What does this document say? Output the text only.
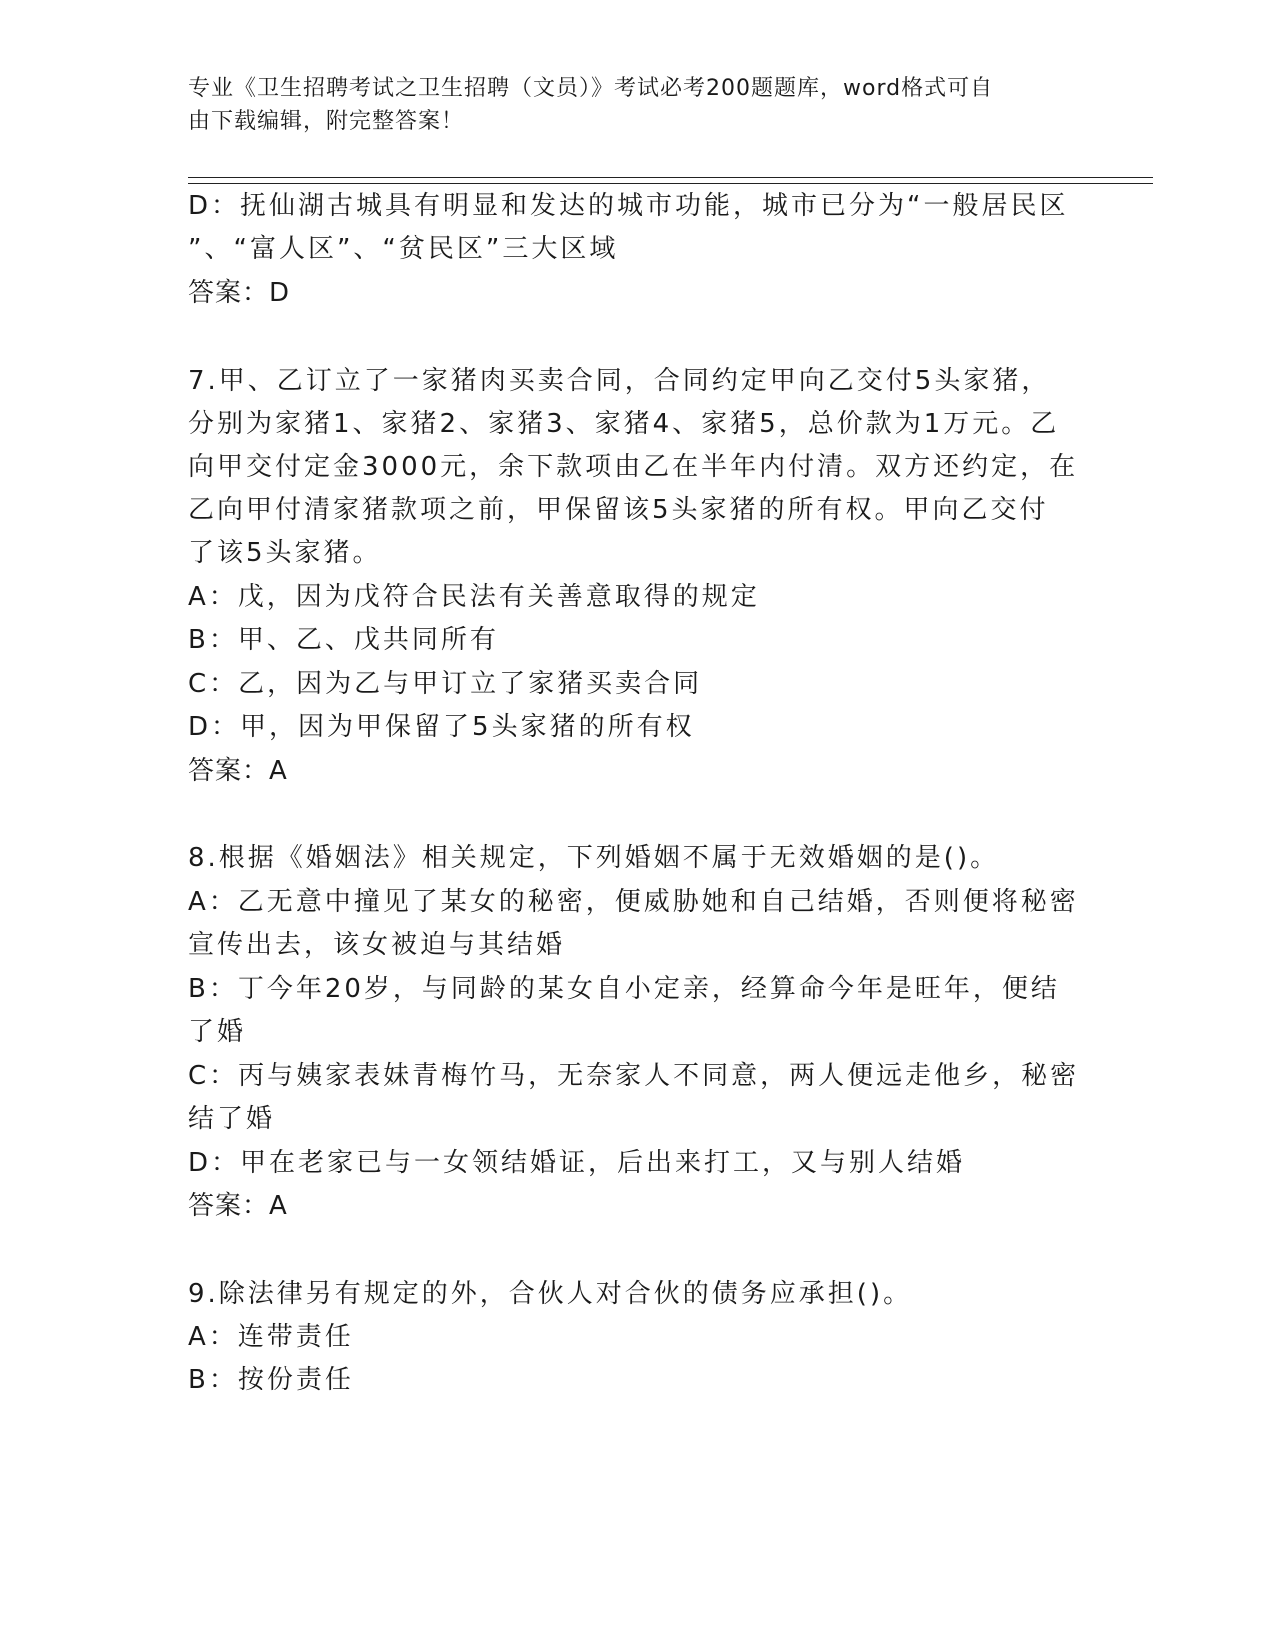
专业《卫生招聘考试之卫生招聘（文员）》考试必考200题题库，word格式可自
由下载编辑，附完整答案！
D：抚仙湖古城具有明显和发达的城市功能，城市已分为“一般居民区
”、“富人区”、“贫民区”三大区域
答案：D
7.甲、乙订立了一家猪肉买卖合同，合同约定甲向乙交付5头家猪，
分别为家猪1、家猪2、家猪3、家猪4、家猪5，总价款为1万元。乙
向甲交付定金3000元，余下款项由乙在半年内付清。双方还约定，在
乙向甲付清家猪款项之前，甲保留该5头家猪的所有权。甲向乙交付
了该5头家猪。
A：戊，因为戊符合民法有关善意取得的规定
B：甲、乙、戊共同所有
C：乙，因为乙与甲订立了家猪买卖合同
D：甲，因为甲保留了5头家猪的所有权
答案：A
8.根据《婚姻法》相关规定，下列婚姻不属于无效婚姻的是()。
A：乙无意中撞见了某女的秘密，便威胁她和自己结婚，否则便将秘密
宣传出去，该女被迫与其结婚
B：丁今年20岁，与同龄的某女自小定亲，经算命今年是旺年，便结
了婚
C：丙与姨家表妹青梅竹马，无奈家人不同意，两人便远走他乡，秘密
结了婚
D：甲在老家已与一女领结婚证，后出来打工，又与别人结婚
答案：A
9.除法律另有规定的外，合伙人对合伙的债务应承担()。
A：连带责任
B：按份责任
